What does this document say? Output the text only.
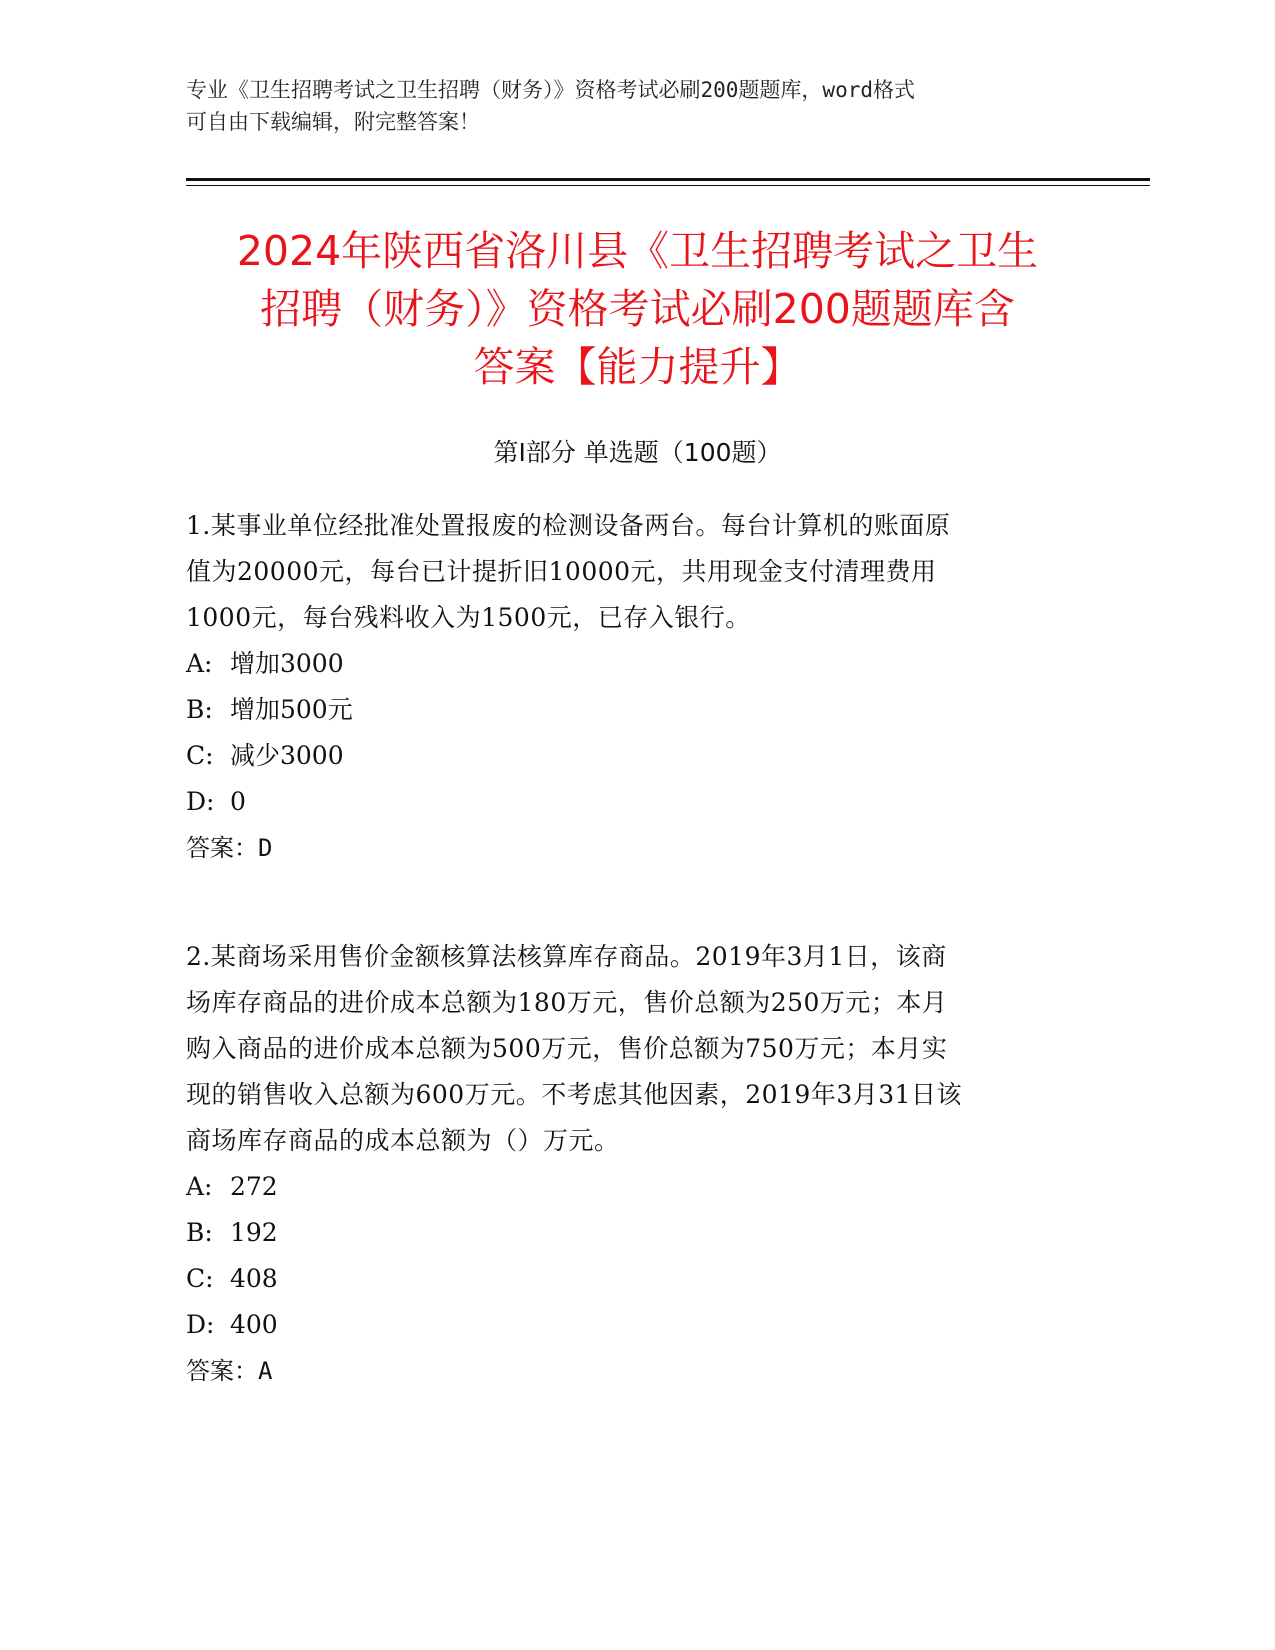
专业《卫生招聘考试之卫生招聘（财务）》资格考试必刷200题题库，word格式
可自由下载编辑，附完整答案！
2024年陕西省洛川县《卫生招聘考试之卫生
招聘（财务）》资格考试必刷200题题库含
答案【能力提升】
第Ⅰ部分 单选题（100题）
1.某事业单位经批准处置报废的检测设备两台。每台计算机的账面原
值为20000元，每台已计提折旧10000元，共用现金支付清理费用
1000元，每台残料收入为1500元，已存入银行。
A: 增加3000
B: 增加500元
C: 减少3000
D: 0
答案：D
2.某商场采用售价金额核算法核算库存商品。2019年3月1日，该商
场库存商品的进价成本总额为180万元，售价总额为250万元；本月
购入商品的进价成本总额为500万元，售价总额为750万元；本月实
现的销售收入总额为600万元。不考虑其他因素，2019年3月31日该
商场库存商品的成本总额为（）万元。
A: 272
B: 192
C: 408
D: 400
答案：A
